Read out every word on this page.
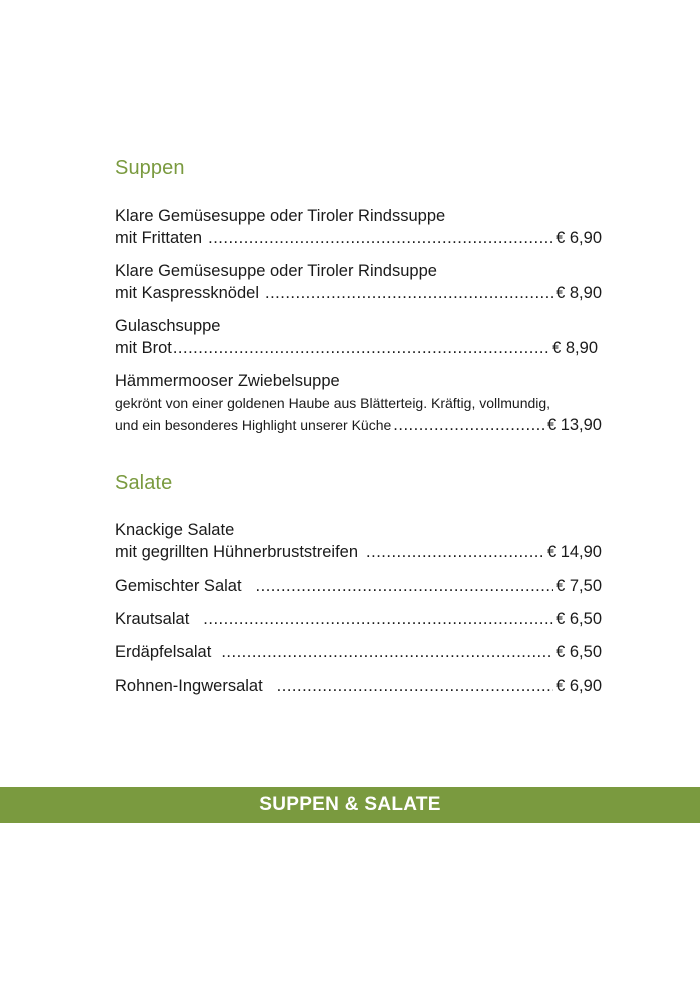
Suppen
Klare Gemüsesuppe oder Tiroler Rindssuppe
mit Frittaten .....	€ 6,90
Klare Gemüsesuppe oder Tiroler Rindsuppe
mit Kaspressknödel .....	€ 8,90
Gulaschsuppe
mit Brot .....	€ 8,90
Hämmermooser Zwiebelsuppe
gekrönt von einer goldenen Haube aus Blätterteig. Kräftig, vollmundig,
und ein besonderes Highlight unserer Küche .....	€ 13,90
Salate
Knackige Salate
mit gegrillten Hühnerbruststreifen .....	€ 14,90
Gemischter Salat .....	€ 7,50
Krautsalat .....	€ 6,50
Erdäpfelsalat .....	€ 6,50
Rohnen-Ingwersalat .....	€ 6,90
SUPPEN & SALATE
